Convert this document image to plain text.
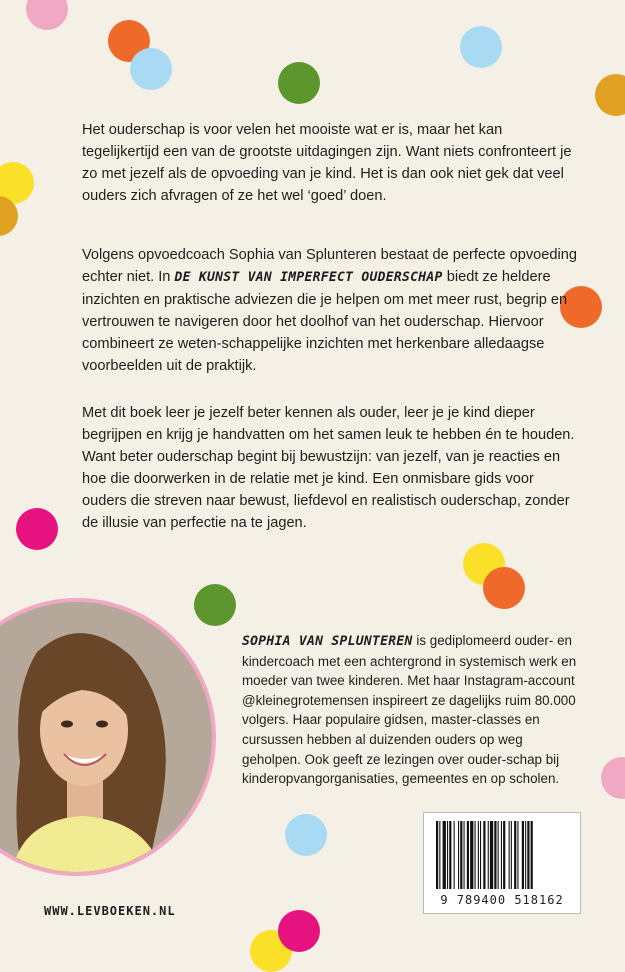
Het ouderschap is voor velen het mooiste wat er is, maar het kan tegelijkertijd een van de grootste uitdagingen zijn. Want niets confronteert je zo met jezelf als de opvoeding van je kind. Het is dan ook niet gek dat veel ouders zich afvragen of ze het wel ‘goed’ doen.

Volgens opvoedcoach Sophia van Splunteren bestaat de perfecte opvoeding echter niet. In DE KUNST VAN IMPERFECT OUDERSCHAP biedt ze heldere inzichten en praktische adviezen die je helpen om met meer rust, begrip en vertrouwen te navigeren door het doolhof van het ouderschap. Hiervoor combineert ze weten-schappelijke inzichten met herkenbare alledaagse voorbeelden uit de praktijk.

Met dit boek leer je jezelf beter kennen als ouder, leer je je kind dieper begrijpen en krijg je handvatten om het samen leuk te hebben én te houden. Want beter ouderschap begint bij bewustzijn: van jezelf, van je reacties en hoe die doorwerken in de relatie met je kind. Een onmisbare gids voor ouders die streven naar bewust, liefdevol en realistisch ouderschap, zonder de illusie van perfectie na te jagen.

SOPHIA VAN SPLUNTEREN is gediplomeerd ouder- en kindercoach met een achtergrond in systemisch werk en moeder van twee kinderen. Met haar Instagram-account @kleinegrotemensen inspireert ze dagelijks ruim 80.000 volgers. Haar populaire gidsen, master-classes en cursussen hebben al duizenden ouders op weg geholpen. Ook geeft ze lezingen over ouder-schap bij kinderopvangorganisaties, gemeentes en op scholen.

WWW.LEVBOEKEN.NL
9 789400 518162
